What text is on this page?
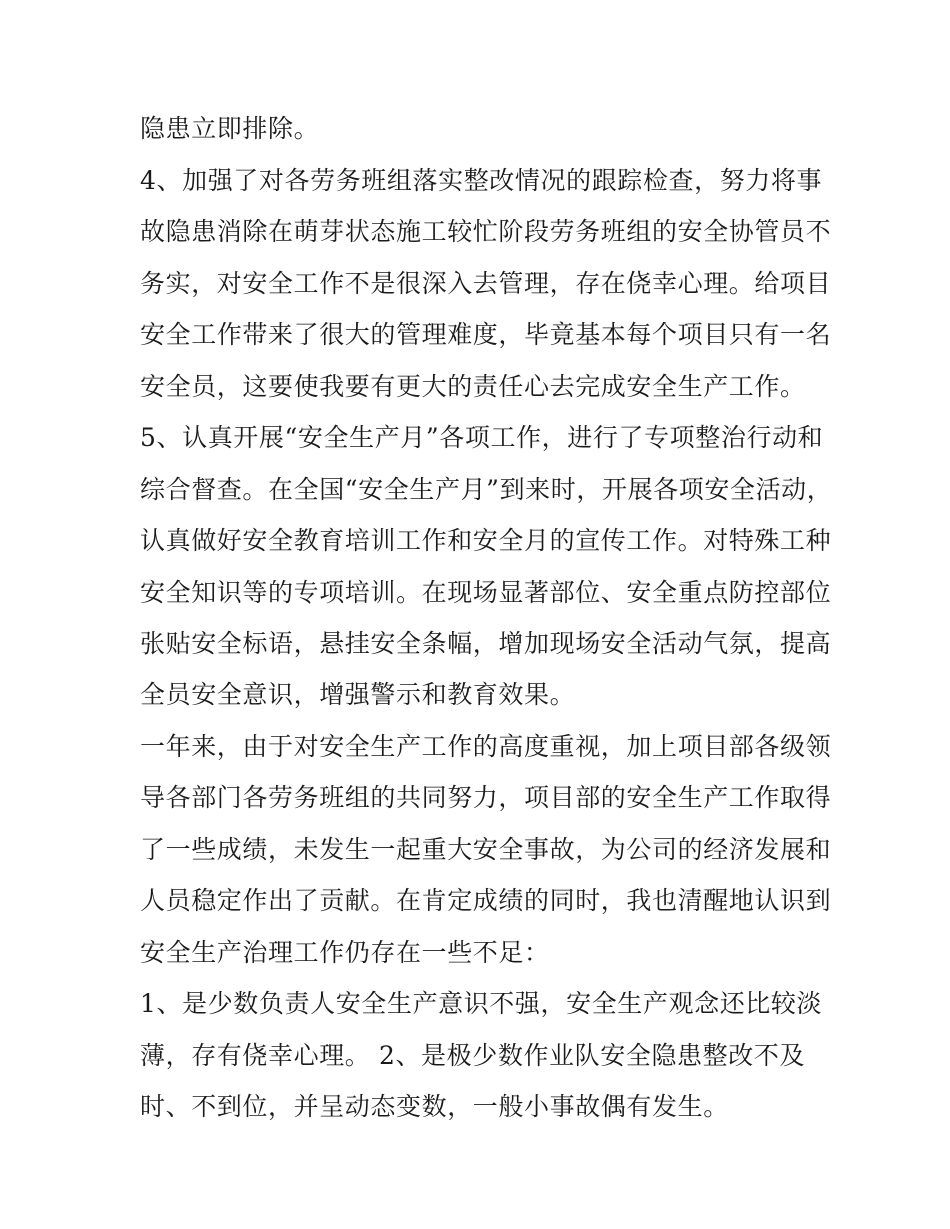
隐患立即排除。
4、加强了对各劳务班组落实整改情况的跟踪检查，努力将事
故隐患消除在萌芽状态施工较忙阶段劳务班组的安全协管员不
务实，对安全工作不是很深入去管理，存在侥幸心理。给项目
安全工作带来了很大的管理难度，毕竟基本每个项目只有一名
安全员，这要使我要有更大的责任心去完成安全生产工作。
5、认真开展“安全生产月”各项工作，进行了专项整治行动和
综合督查。在全国“安全生产月”到来时，开展各项安全活动，
认真做好安全教育培训工作和安全月的宣传工作。对特殊工种
安全知识等的专项培训。在现场显著部位、安全重点防控部位
张贴安全标语，悬挂安全条幅，增加现场安全活动气氛，提高
全员安全意识，增强警示和教育效果。
一年来，由于对安全生产工作的高度重视，加上项目部各级领
导各部门各劳务班组的共同努力，项目部的安全生产工作取得
了一些成绩，未发生一起重大安全事故，为公司的经济发展和
人员稳定作出了贡献。在肯定成绩的同时，我也清醒地认识到
安全生产治理工作仍存在一些不足：
1、是少数负责人安全生产意识不强，安全生产观念还比较淡
薄，存有侥幸心理。 2、是极少数作业队安全隐患整改不及
时、不到位，并呈动态变数，一般小事故偶有发生。
